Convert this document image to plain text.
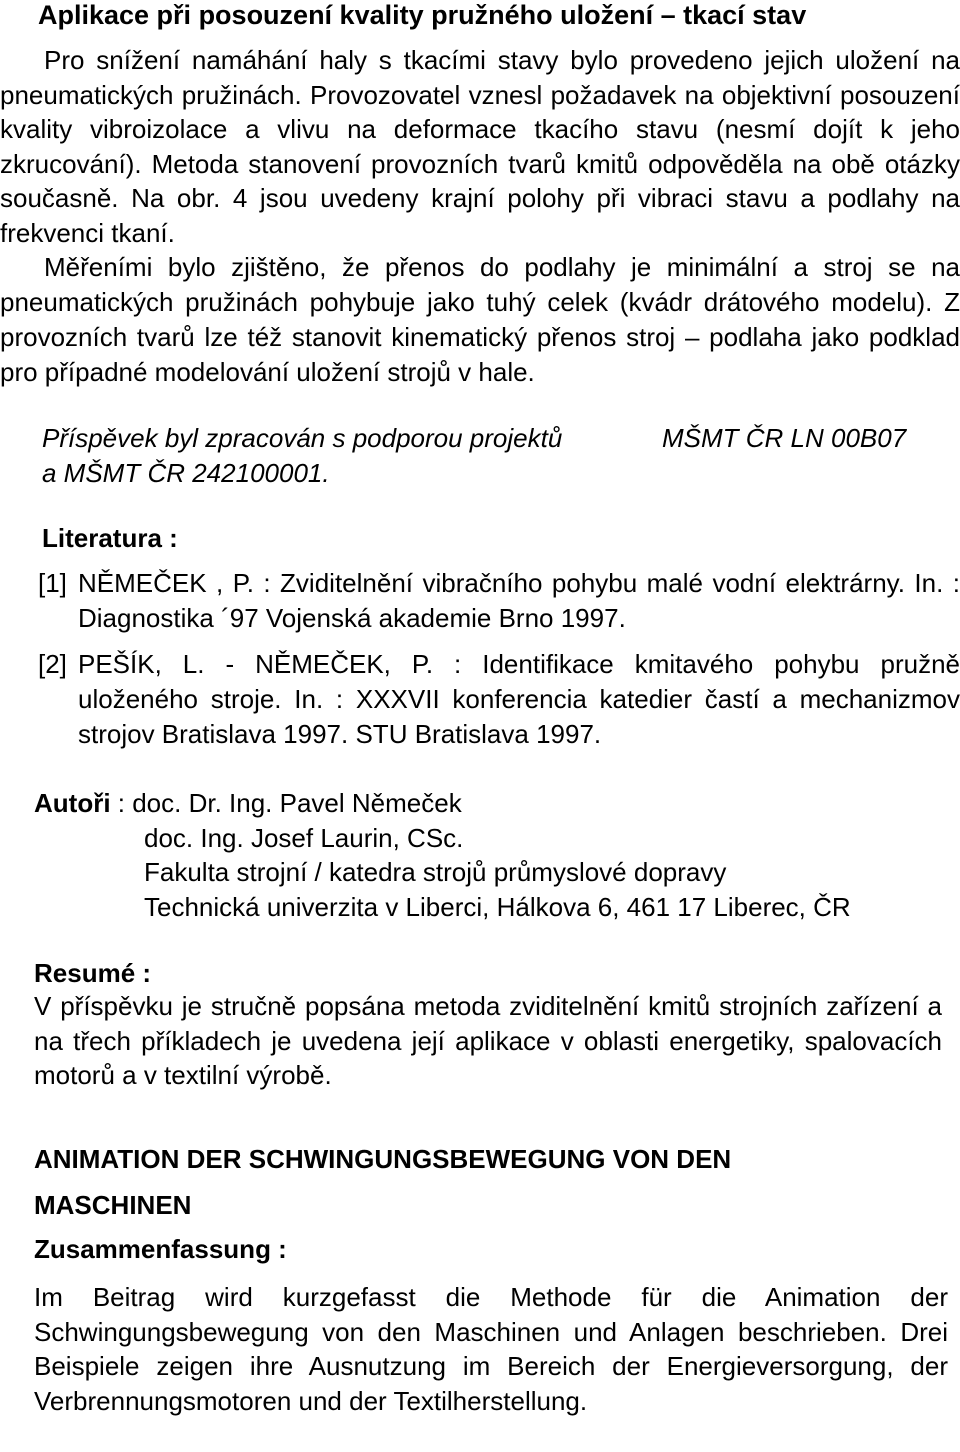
Aplikace při posouzení kvality pružného uložení – tkací stav
Pro snížení namáhání haly s tkacími stavy bylo provedeno jejich uložení na pneumatických pružinách. Provozovatel vznesl požadavek na objektivní posouzení kvality vibroizolace a vlivu na deformace tkacího stavu (nesmí dojít k jeho zkrucování). Metoda stanovení provozních tvarů kmitů odpověděla na obě otázky současně. Na obr. 4 jsou uvedeny krajní polohy při vibraci stavu a podlahy na frekvenci tkaní.
Měřeními bylo zjištěno, že přenos do podlahy je minimální a stroj se na pneumatických pružinách pohybuje jako tuhý celek (kvádr drátového modelu). Z provozních tvarů lze též stanovit kinematický přenos stroj – podlaha jako podklad pro případné modelování uložení strojů v hale.
Příspěvek byl zpracován s podporou projektů	MŠMT ČR LN 00B07
a MŠMT ČR 242100001.
Literatura :
[1] NĚMEČEK , P. : Zviditelnění vibračního pohybu malé vodní elektrárny. In. : Diagnostika ´97 Vojenská akademie Brno 1997.
[2] PEŠÍK, L. - NĚMEČEK, P. : Identifikace kmitavého pohybu pružně uloženého stroje. In. : XXXVII konferencia katedier častí a mechanizmov strojov Bratislava 1997. STU Bratislava 1997.
Autoři : doc. Dr. Ing. Pavel Němeček
doc. Ing. Josef Laurin, CSc.
Fakulta strojní / katedra strojů průmyslové dopravy
Technická univerzita v Liberci, Hálkova 6, 461 17 Liberec, ČR
Resumé :
V příspěvku je stručně popsána metoda zviditelnění kmitů strojních zařízení a na třech příkladech je uvedena její aplikace v oblasti energetiky, spalovacích motorů a v textilní výrobě.
ANIMATION DER SCHWINGUNGSBEWEGUNG VON DEN
MASCHINEN
Zusammenfassung :
Im Beitrag wird kurzgefasst die Methode für die Animation der Schwingungsbewegung von den Maschinen und Anlagen beschrieben. Drei Beispiele zeigen ihre Ausnutzung im Bereich der Energieversorgung, der Verbrennungsmotoren und der Textilherstellung.
